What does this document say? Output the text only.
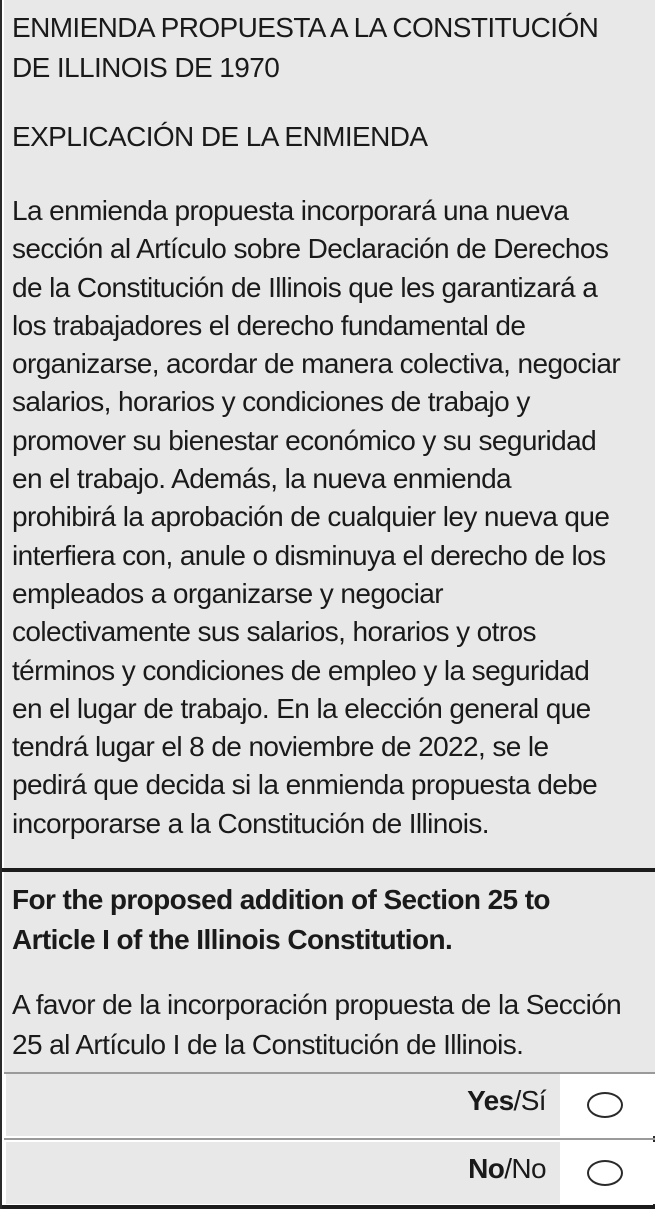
ENMIENDA PROPUESTA A LA CONSTITUCIÓN
DE ILLINOIS DE 1970
EXPLICACIÓN DE LA ENMIENDA

La enmienda propuesta incorporará una nueva
sección al Artículo sobre Declaración de Derechos
de la Constitución de Illinois que les garantizará a
los trabajadores el derecho fundamental de
organizarse, acordar de manera colectiva, negociar
salarios, horarios y condiciones de trabajo y
promover su bienestar económico y su seguridad
en el trabajo. Además, la nueva enmienda
prohibirá la aprobación de cualquier ley nueva que
interfiera con, anule o disminuya el derecho de los
empleados a organizarse y negociar
colectivamente sus salarios, horarios y otros
términos y condiciones de empleo y la seguridad
en el lugar de trabajo. En la elección general que
tendrá lugar el 8 de noviembre de 2022, se le
pedirá que decida si la enmienda propuesta debe
incorporarse a la Constitución de Illinois.

For the proposed addition of Section 25 to
Article I of the Illinois Constitution.

A favor de la incorporación propuesta de la Sección
25 al Artículo I de la Constitución de Illinois.

Yes/Sí
No/No
